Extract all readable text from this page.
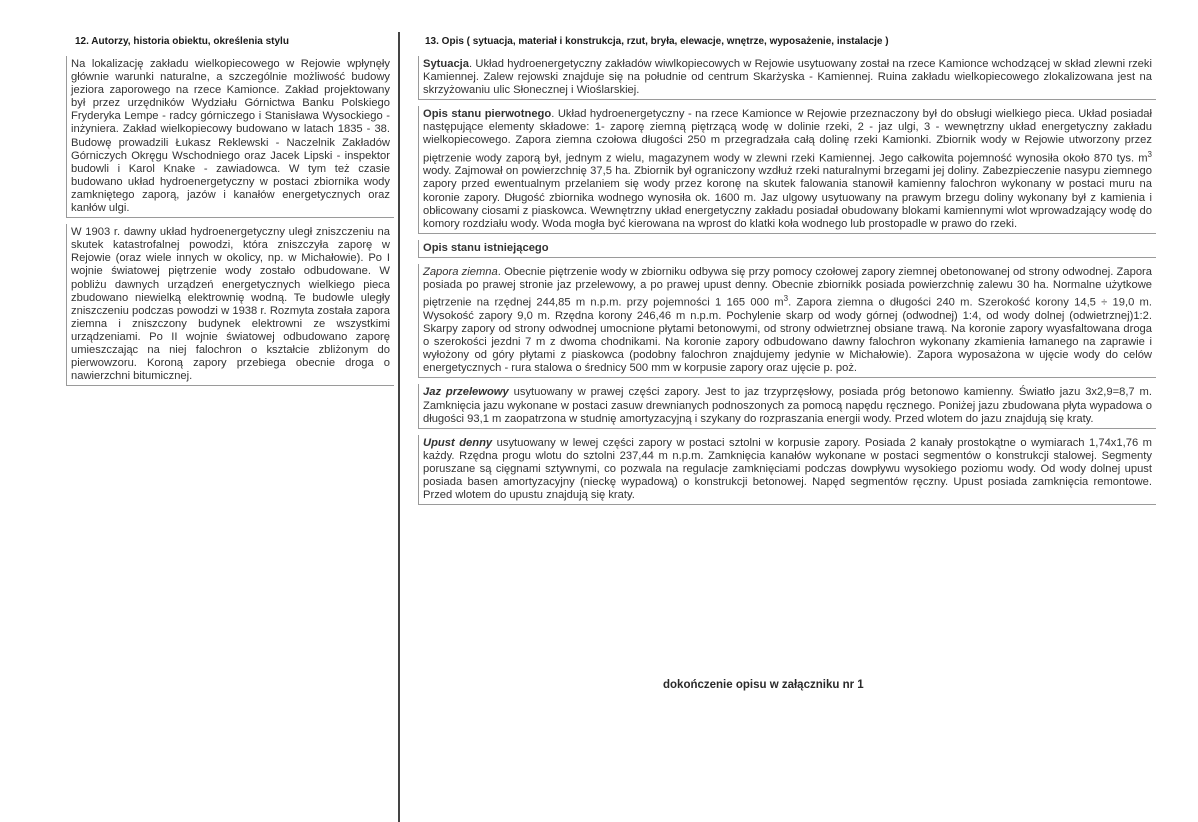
12. Autorzy, historia obiektu, określenia stylu	13. Opis ( sytuacja, materiał i konstrukcja, rzut, bryła, elewacje, wnętrze, wyposażenie, instalacje )
Na lokalizację zakładu wielkopiecowego w Rejowie wpłynęły głównie warunki naturalne, a szczególnie możliwość budowy jeziora zaporowego na rzece Kamionce. Zakład projektowany był przez urzędników Wydziału Górnictwa Banku Polskiego Fryderyka Lempe - radcy górniczego i Stanisława Wysockiego - inżyniera. Zakład wielkopiecowy budowano w latach 1835 - 38. Budowę prowadzili Łukasz Reklewski - Naczelnik Zakładów Górniczych Okręgu Wschodniego oraz Jacek Lipski - inspektor budowli i Karol Knake - zawiadowca. W tym też czasie budowano układ hydroenergetyczny w postaci zbiornika wody zamkniętego zaporą, jazów i kanałów energetycznych oraz kanłów ulgi.
W 1903 r. dawny układ hydroenergetyczny uległ zniszczeniu na skutek katastrofalnej powodzi, która zniszczyła zaporę w Rejowie (oraz wiele innych w okolicy, np. w Michałowie). Po I wojnie światowej piętrzenie wody zostało odbudowane. W pobliżu dawnych urządzeń energetycznych wielkiego pieca zbudowano niewielką elektrownię wodną. Te budowle uległy zniszczeniu podczas powodzi w 1938 r. Rozmyta została zapora ziemna i zniszczony budynek elektrowni ze wszystkimi urządzeniami. Po II wojnie światowej odbudowano zaporę umieszczając na niej falochron o kształcie zbliżonym do pierwowzoru. Koroną zapory przebiega obecnie droga o nawierzchni bitumicznej.
Sytuacja. Układ hydroenergetyczny zakładów wiwlkopiecowych w Rejowie usytuowany został na rzece Kamionce wchodzącej w skład zlewni rzeki Kamiennej. Zalew rejowski znajduje się na południe od centrum Skarżyska - Kamiennej. Ruina zakładu wielkopiecowego zlokalizowana jest na skrzyżowaniu ulic Słonecznej i Wioślarskiej.
Opis stanu pierwotnego. Układ hydroenergetyczny - na rzece Kamionce w Rejowie przeznaczony był do obsługi wielkiego pieca. Układ posiadał następujące elementy składowe: 1- zaporę ziemną piętrzącą wodę w dolinie rzeki, 2 - jaz ulgi, 3 - wewnętrzny układ energetyczny zakładu wielkopiecowego. Zapora ziemna czołowa długości 250 m przegradzała całą dolinę rzeki Kamionki. Zbiornik wody w Rejowie utworzony przez piętrzenie wody zaporą był, jednym z wielu, magazynem wody w zlewni rzeki Kamiennej. Jego całkowita pojemność wynosiła około 870 tys. $m^3$ wody. Zajmował on powierzchnię 37,5 ha. Zbiornik był ograniczony wzdłuż rzeki naturalnymi brzegami jej doliny. Zabezpieczenie nasypu ziemnego zapory przed ewentualnym przelaniem się wody przez koronę na skutek falowania stanowił kamienny falochron wykonany w postaci muru na koronie zapory. Długość zbiornika wodnego wynosiła ok. 1600 m. Jaz ulgowy usytuowany na prawym brzegu doliny wykonany był z kamienia i obłicowany ciosami z piaskowca. Wewnętrzny układ energetyczny zakładu posiadał obudowany blokami kamiennymi wlot wprowadzający wodę do komory rozdziału wody. Woda mogła być kierowana na wprost do klatki koła wodnego lub prostopadle w prawo do rzeki.
Opis stanu istniejącego
Zapora ziemna. Obecnie piętrzenie wody w zbiorniku odbywa się przy pomocy czołowej zapory ziemnej obetonowanej od strony odwodnej. Zapora posiada po prawej stronie jaz przelewowy, a po prawej upust denny. Obecnie zbiornikk posiada powierzchnię zalewu 30 ha. Normalne użytkowe piętrzenie na rzędnej 244,85 m n.p.m. przy pojemności 1 165 000 $m^3$. Zapora ziemna o długości 240 m. Szerokość korony 14,5 ÷ 19,0 m. Wysokość zapory 9,0 m. Rzędna korony 246,46 m n.p.m. Pochylenie skarp od wody górnej (odwodnej) 1:4, od wody dolnej (odwietrznej)1:2. Skarpy zapory od strony odwodnej umocnione płytami betonowymi, od strony odwietrznej obsiane trawą. Na koronie zapory wyasfaltowana droga o szerokości jezdni 7 m z dwoma chodnikami. Na koronie zapory odbudowano dawny falochron wykonany zkamienia łamanego na zaprawie i wyłożony od góry płytami z piaskowca (podobny falochron znajdujemy jedynie w Michałowie). Zapora wyposażona w ujęcie wody do celów energetycznych - rura stalowa o średnicy 500 mm w korpusie zapory oraz ujęcie p. poż.
Jaz przelewowy usytuowany w prawej części zapory. Jest to jaz trzyprzęsłowy, posiada próg betonowo kamienny. Światło jazu 3x2,9=8,7 m. Zamknięcia jazu wykonane w postaci zasuw drewnianych podnoszonych za pomocą napędu ręcznego. Poniżej jazu zbudowana płyta wypadowa o długości 93,1 m zaopatrzona w studnię amortyzacyjną i szykany do rozpraszania energii wody. Przed wlotem do jazu znajdują się kraty.
Upust denny usytuowany w lewej części zapory w postaci sztolni w korpusie zapory. Posiada 2 kanały prostokątne o wymiarach 1,74x1,76 m każdy. Rzędna progu wlotu do sztolni 237,44 m n.p.m. Zamknięcia kanałów wykonane w postaci segmentów o konstrukcji stalowej. Segmenty poruszane są cięgnami sztywnymi, co pozwala na regulacje zamknięciami podczas dowpływu wysokiego poziomu wody. Od wody dolnej upust posiada basen amortyzacyjny (nieckę wypadową) o konstrukcji betonowej. Napęd segmentów ręczny. Upust posiada zamknięcia remontowe. Przed wlotem do upustu znajdują się kraty.
dokończenie opisu w załączniku nr 1
